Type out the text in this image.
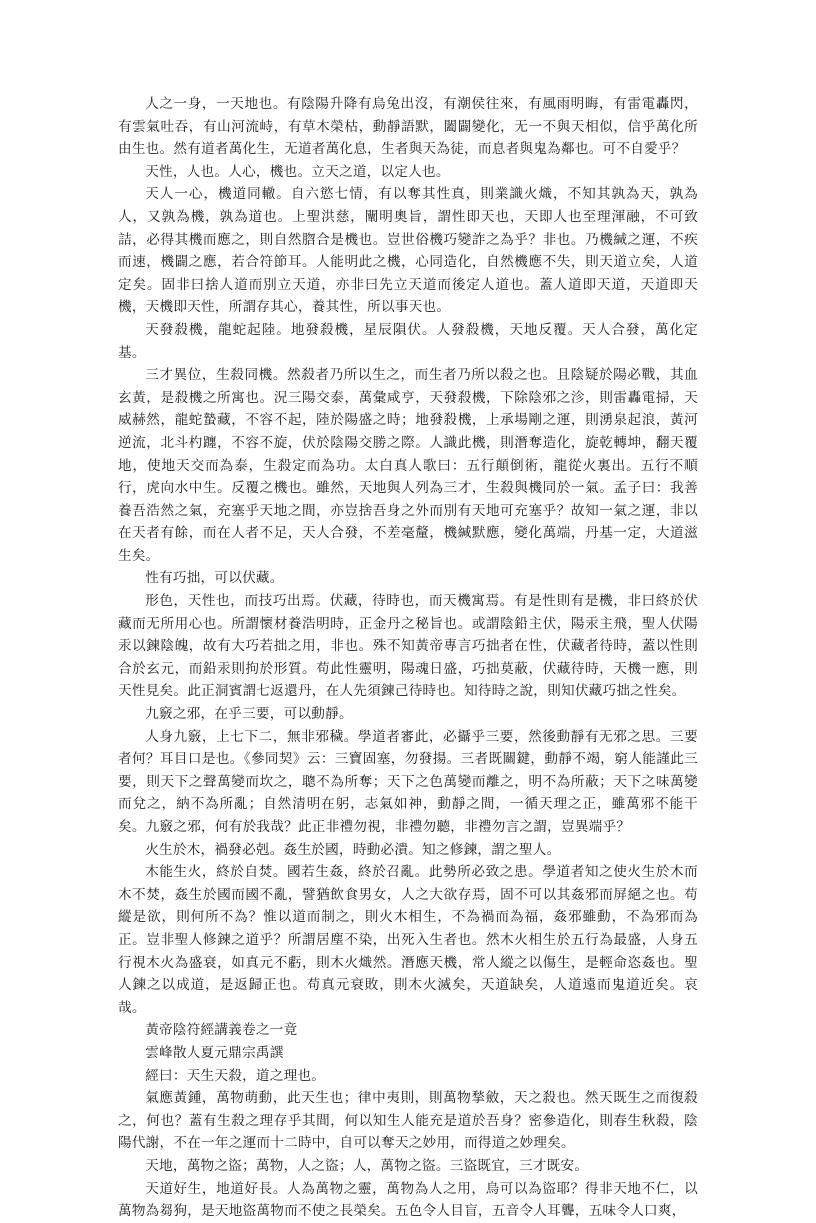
人之一身，一天地也。有陰陽升降有烏兔出沒，有潮侯往來，有風雨明晦，有雷電轟閃，有雲氣吐吞，有山河流峙，有草木榮枯，動靜語默，闔闢變化，无一不與天相似，信乎萬化所由生也。然有道者萬化生，无道者萬化息，生者與天為徒，而息者與鬼為鄰也。可不自愛乎？

天性，人也。人心，機也。立天之道，以定人也。

天人一心，機道同轍。自六慾七情，有以奪其性真，則業識火熾，不知其孰為天，孰為人，又孰為機，孰為道也。上聖洪慈，闡明奧旨，謂性即天也，天即人也至理渾融，不可致詰，必得其機而應之，則自然脗合是機也。豈世俗機巧變詐之為乎？非也。乃機緘之運，不疾而速，機闢之應，若合符節耳。人能明此之機，心同造化，自然機應不失，則天道立矣，人道定矣。固非曰捨人道而別立天道，亦非曰先立天道而後定人道也。蓋人道即天道，天道即天機，天機即天性，所謂存其心，養其性，所以事天也。

天發殺機，龍蛇起陸。地發殺機，星辰隕伏。人發殺機，天地反覆。天人合發，萬化定基。

三才異位，生殺同機。然殺者乃所以生之，而生者乃所以殺之也。且陰疑於陽必戰，其血玄黃，是殺機之所寓也。況三陽交泰，萬彙咸亨，天發殺機，下除陰邪之沴，則雷轟電掃，天威赫然，龍蛇蟄藏，不容不起，陸於陽盛之時；地發殺機，上承場剛之運，則湧泉起浪，黃河逆流，北斗杓躔，不容不旋，伏於陰陽交勝之際。人識此機，則潛奪造化，旋乾轉坤，翻天覆地，使地天交而為泰，生殺定而為功。太白真人歌曰：五行顛倒術，龍從火裏出。五行不順行，虎向水中生。反覆之機也。雖然，天地與人列為三才，生殺與機同於一氣。孟子曰：我善養吾浩然之氣，充塞乎天地之間，亦豈捨吾身之外而別有天地可充塞乎？故知一氣之運，非以在天者有餘，而在人者不足，天人合發，不差毫釐，機緘默應，變化萬端，丹基一定，大道滋生矣。

性有巧拙，可以伏藏。

形色，天性也，而技巧出焉。伏藏，待時也，而天機寓焉。有是性則有是機，非曰終於伏藏而无所用心也。所謂懷材養浩明時，正金丹之秘旨也。或謂陰鉛主伏，陽汞主飛，聖人伏陽汞以鍊陰魄，故有大巧若拙之用，非也。殊不知黃帝專言巧拙者在性，伏藏者待時，蓋以性則合於玄元，而鉛汞則拘於形質。苟此性靈明，陽魂日盛，巧拙莫蔽，伏藏待時，天機一應，則天性見矣。此正洞賓謂七返還丹，在人先須鍊己待時也。知待時之說，則知伏藏巧拙之性矣。

九竅之邪，在乎三要，可以動靜。

人身九竅，上七下二，無非邪穢。學道者審此，必攝乎三要，然後動靜有无邪之思。三要者何？耳目口是也。《參同契》云：三寶固塞，勿發揚。三者既關鍵，動靜不竭，窮人能謹此三要，則天下之聲萬變而坎之，聰不為所奪；天下之色萬變而離之，明不為所蔽；天下之味萬變而兌之，納不為所亂；自然清明在躬，志氣如神，動靜之間，一循天理之正，雖萬邪不能干矣。九竅之邪，何有於我哉？此正非禮勿視，非禮勿聽，非禮勿言之謂，豈異端乎？

火生於木，禍發必剋。姦生於國，時動必潰。知之修鍊，謂之聖人。

木能生火，終於自焚。國若生姦，終於召亂。此勢所必致之患。學道者知之使火生於木而木不焚，姦生於國而國不亂，譬猶飲食男女，人之大欲存焉，固不可以其姦邪而屏絕之也。苟縱是欲，則何所不為？惟以道而制之，則火木相生，不為禍而為福，姦邪雖動，不為邪而為正。豈非聖人修鍊之道乎？所謂居塵不染，出死入生者也。然木火相生於五行為最盛，人身五行視木火為盛衰，如真元不虧，則木火熾然。潛應天機，常人縱之以傷生，是輕命恣姦也。聖人鍊之以成道，是返歸正也。苟真元衰敗，則木火滅矣，天道缺矣，人道遠而鬼道近矣。哀哉。

黃帝陰符經講義卷之一竟

雲峰散人夏元鼎宗禹譔

經曰：天生天殺，道之理也。

氣應黃鍾，萬物萌動，此天生也；律中夷則，則萬物揫斂，天之殺也。然天既生之而復殺之，何也？蓋有生殺之理存乎其間，何以知生人能充是道於吾身？密參造化，則春生秋殺，陰陽代謝，不在一年之運而十二時中，自可以奪天之妙用，而得道之妙理矣。

天地，萬物之盜；萬物，人之盜；人，萬物之盜。三盜既宜，三才既安。

天道好生，地道好長。人為萬物之靈，萬物為人之用，烏可以為盜耶？得非天地不仁，以萬物為芻狗，是天地盜萬物而不使之長榮矣。五色令人目盲，五音令人耳聾，五味令人口爽，
